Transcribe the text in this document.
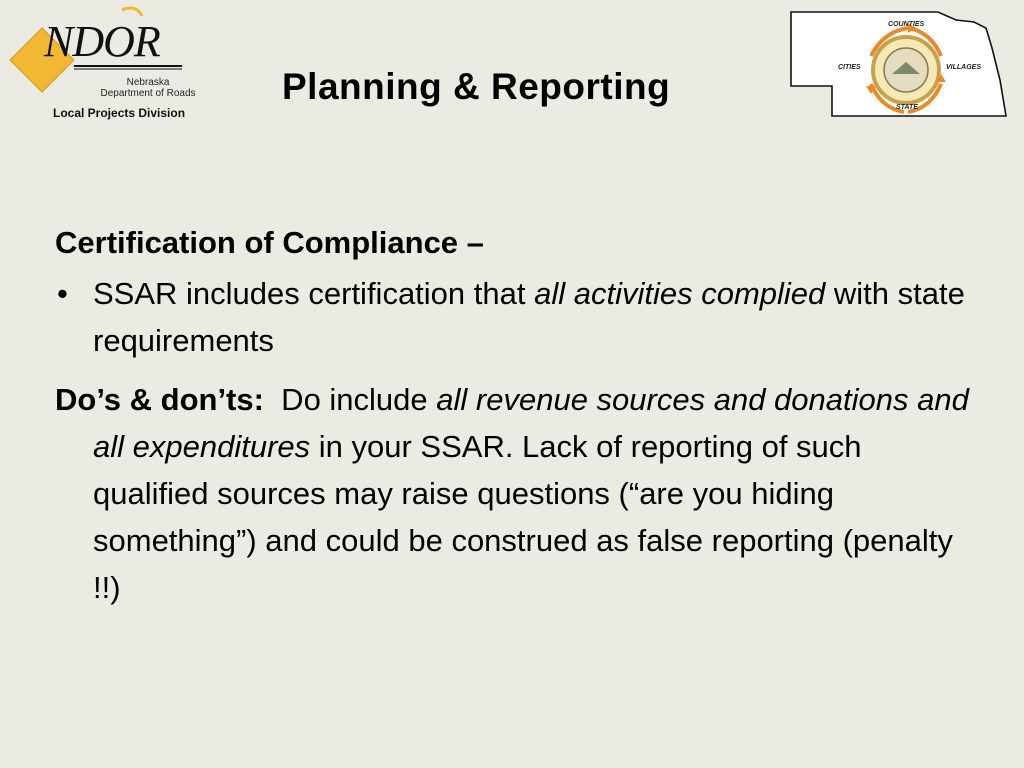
NDOR
Nebraska
Department of Roads
Local Projects Division
Planning & Reporting
COUNTIES
CITIES	VILLAGES
STATE
Certification of Compliance –
• SSAR includes certification that all activities complied with state requirements
Do’s & don’ts:  Do include all revenue sources and donations and all expenditures in your SSAR. Lack of reporting of such qualified sources may raise questions (“are you hiding something”) and could be construed as false reporting (penalty !!)
